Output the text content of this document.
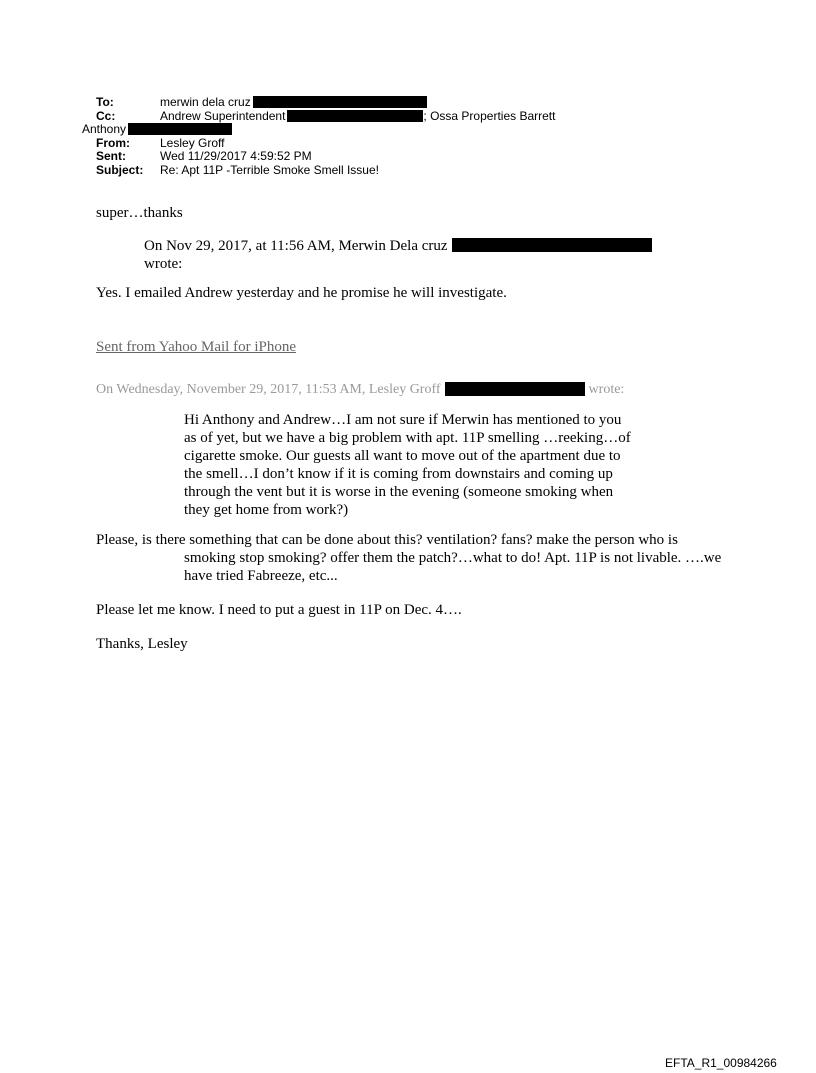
To:	merwin dela cruz
Cc:	Andrew Superintendent	; Ossa Properties Barrett
Anthony
From:	Lesley Groff
Sent:	Wed 11/29/2017 4:59:52 PM
Subject:	Re: Apt 11P -Terrible Smoke Smell Issue!

super…thanks

On Nov 29, 2017, at 11:56 AM, Merwin Dela cruz
wrote:

Yes. I emailed Andrew yesterday and he promise he will investigate.

Sent from Yahoo Mail for iPhone

On Wednesday, November 29, 2017, 11:53 AM, Lesley Groff	wrote:

Hi Anthony and Andrew…I am not sure if Merwin has mentioned to you as of yet, but we have a big problem with apt. 11P smelling …reeking…of cigarette smoke. Our guests all want to move out of the apartment due to the smell…I don’t know if it is coming from downstairs and coming up through the vent but it is worse in the evening (someone smoking when they get home from work?)

Please, is there something that can be done about this? ventilation? fans? make the person who is smoking stop smoking? offer them the patch?…what to do! Apt. 11P is not livable. ….we have tried Fabreeze, etc...

Please let me know. I need to put a guest in 11P on Dec. 4….

Thanks, Lesley

EFTA_R1_00984266
